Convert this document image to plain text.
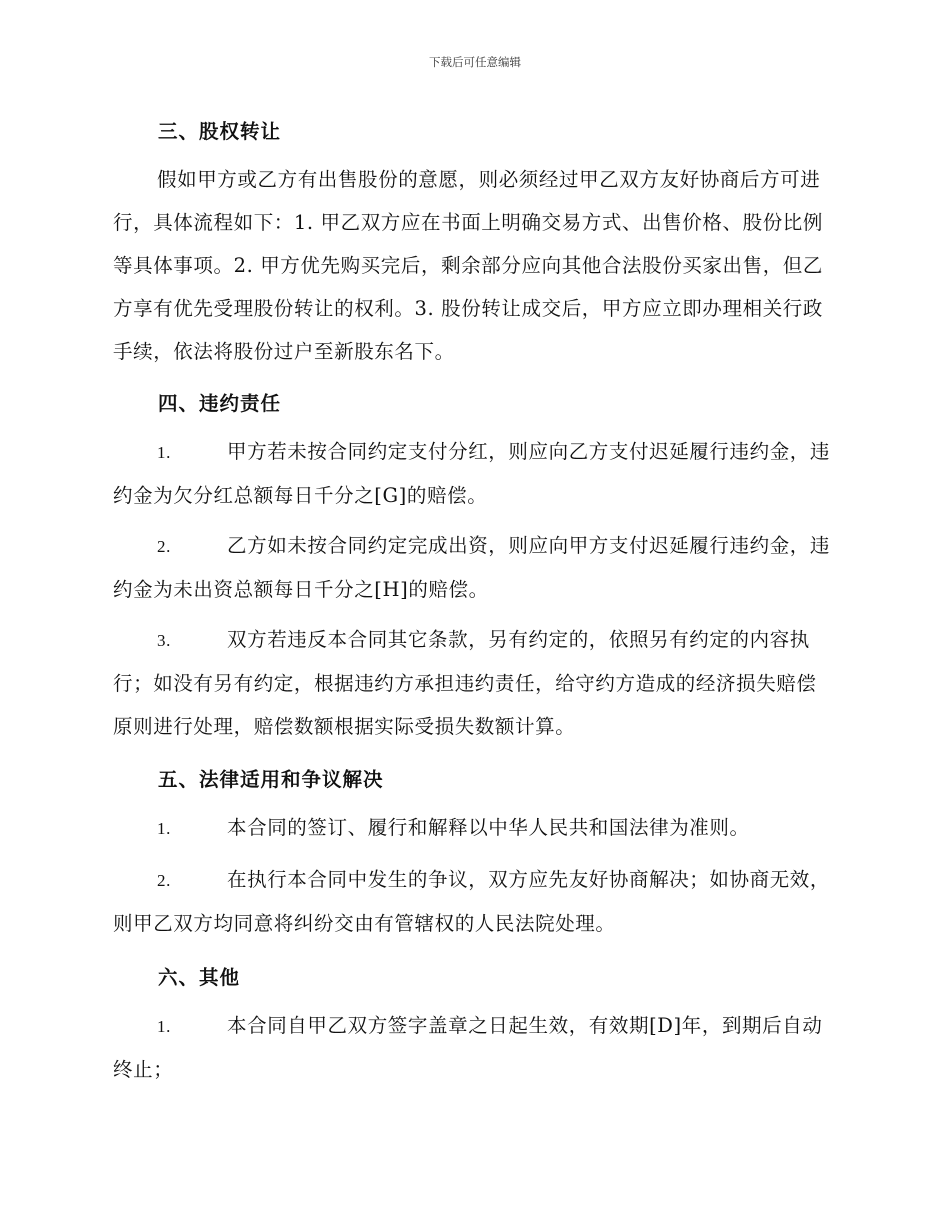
下载后可任意编辑
三、股权转让

假如甲方或乙方有出售股份的意愿，则必须经过甲乙双方友好协商后方可进行，具体流程如下：1. 甲乙双方应在书面上明确交易方式、出售价格、股份比例等具体事项。2. 甲方优先购买完后，剩余部分应向其他合法股份买家出售，但乙方享有优先受理股份转让的权利。3. 股份转让成交后，甲方应立即办理相关行政手续，依法将股份过户至新股东名下。

四、违约责任

1.	甲方若未按合同约定支付分红，则应向乙方支付迟延履行违约金，违约金为欠分红总额每日千分之[G]的赔偿。

2.	乙方如未按合同约定完成出资，则应向甲方支付迟延履行违约金，违约金为未出资总额每日千分之[H]的赔偿。

3.	双方若违反本合同其它条款，另有约定的，依照另有约定的内容执行；如没有另有约定，根据违约方承担违约责任，给守约方造成的经济损失赔偿原则进行处理，赔偿数额根据实际受损失数额计算。

五、法律适用和争议解决

1.	本合同的签订、履行和解释以中华人民共和国法律为准则。

2.	在执行本合同中发生的争议，双方应先友好协商解决；如协商无效，则甲乙双方均同意将纠纷交由有管辖权的人民法院处理。

六、其他

1.	本合同自甲乙双方签字盖章之日起生效，有效期[D]年，到期后自动终止；
